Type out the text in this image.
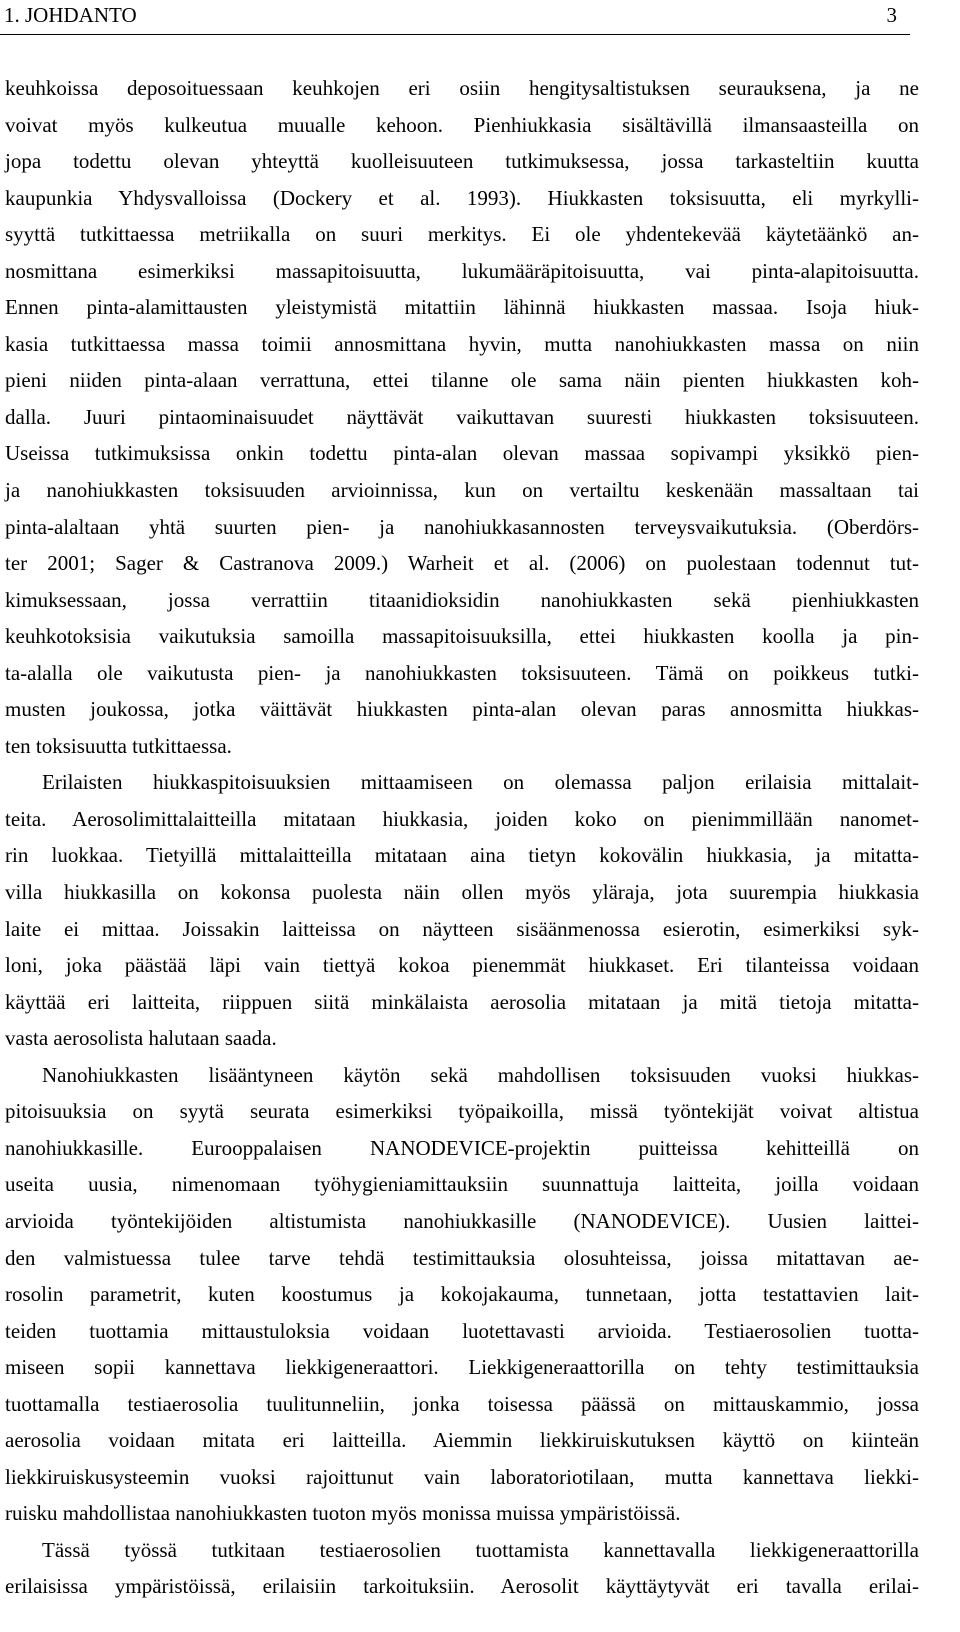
1. JOHDANTO	3
keuhkoissa deposoituessaan keuhkojen eri osiin hengitysaltistuksen seurauksena, ja ne
voivat myös kulkeutua muualle kehoon. Pienhiukkasia sisältävillä ilmansaasteilla on
jopa todettu olevan yhteyttä kuolleisuuteen tutkimuksessa, jossa tarkasteltiin kuutta
kaupunkia Yhdysvalloissa (Dockery et al. 1993). Hiukkasten toksisuutta, eli myrkylli-
syyttä tutkittaessa metriikalla on suuri merkitys. Ei ole yhdentekevää käytetäänkö an-
nosmittana esimerkiksi massapitoisuutta, lukumääräpitoisuutta, vai pinta-alapitoisuutta.
Ennen pinta-alamittausten yleistymistä mitattiin lähinnä hiukkasten massaa. Isoja hiuk-
kasia tutkittaessa massa toimii annosmittana hyvin, mutta nanohiukkasten massa on niin
pieni niiden pinta-alaan verrattuna, ettei tilanne ole sama näin pienten hiukkasten koh-
dalla. Juuri pintaominaisuudet näyttävät vaikuttavan suuresti hiukkasten toksisuuteen.
Useissa tutkimuksissa onkin todettu pinta-alan olevan massaa sopivampi yksikkö pien-
ja nanohiukkasten toksisuuden arvioinnissa, kun on vertailtu keskenään massaltaan tai
pinta-alaltaan yhtä suurten pien- ja nanohiukkasannosten terveysvaikutuksia. (Oberdörs-
ter 2001; Sager & Castranova 2009.) Warheit et al. (2006) on puolestaan todennut tut-
kimuksessaan, jossa verrattiin titaanidioksidin nanohiukkasten sekä pienhiukkasten
keuhkotoksisia vaikutuksia samoilla massapitoisuuksilla, ettei hiukkasten koolla ja pin-
ta-alalla ole vaikutusta pien- ja nanohiukkasten toksisuuteen. Tämä on poikkeus tutki-
musten joukossa, jotka väittävät hiukkasten pinta-alan olevan paras annosmitta hiukkas-
ten toksisuutta tutkittaessa.
Erilaisten hiukkaspitoisuuksien mittaamiseen on olemassa paljon erilaisia mittalait-
teita. Aerosolimittalaitteilla mitataan hiukkasia, joiden koko on pienimmillään nanomet-
rin luokkaa. Tietyillä mittalaitteilla mitataan aina tietyn kokovälin hiukkasia, ja mitatta-
villa hiukkasilla on kokonsa puolesta näin ollen myös yläraja, jota suurempia hiukkasia
laite ei mittaa. Joissakin laitteissa on näytteen sisäänmenossa esierotin, esimerkiksi syk-
loni, joka päästää läpi vain tiettyä kokoa pienemmät hiukkaset. Eri tilanteissa voidaan
käyttää eri laitteita, riippuen siitä minkälaista aerosolia mitataan ja mitä tietoja mitatta-
vasta aerosolista halutaan saada.
Nanohiukkasten lisääntyneen käytön sekä mahdollisen toksisuuden vuoksi hiukkas-
pitoisuuksia on syytä seurata esimerkiksi työpaikoilla, missä työntekijät voivat altistua
nanohiukkasille. Eurooppalaisen NANODEVICE-projektin puitteissa kehitteillä on
useita uusia, nimenomaan työhygieniamittauksiin suunnattuja laitteita, joilla voidaan
arvioida työntekijöiden altistumista nanohiukkasille (NANODEVICE). Uusien laittei-
den valmistuessa tulee tarve tehdä testimittauksia olosuhteissa, joissa mitattavan ae-
rosolin parametrit, kuten koostumus ja kokojakauma, tunnetaan, jotta testattavien lait-
teiden tuottamia mittaustuloksia voidaan luotettavasti arvioida. Testiaerosolien tuotta-
miseen sopii kannettava liekkigeneraattori. Liekkigeneraattorilla on tehty testimittauksia
tuottamalla testiaerosolia tuulitunneliin, jonka toisessa päässä on mittauskammio, jossa
aerosolia voidaan mitata eri laitteilla. Aiemmin liekkiruiskutuksen käyttö on kiinteän
liekkiruiskusysteemin vuoksi rajoittunut vain laboratoriotilaan, mutta kannettava liekki-
ruisku mahdollistaa nanohiukkasten tuoton myös monissa muissa ympäristöissä.
Tässä työssä tutkitaan testiaerosolien tuottamista kannettavalla liekkigeneraattorilla
erilaisissa ympäristöissä, erilaisiin tarkoituksiin. Aerosolit käyttäytyvät eri tavalla erilai-
